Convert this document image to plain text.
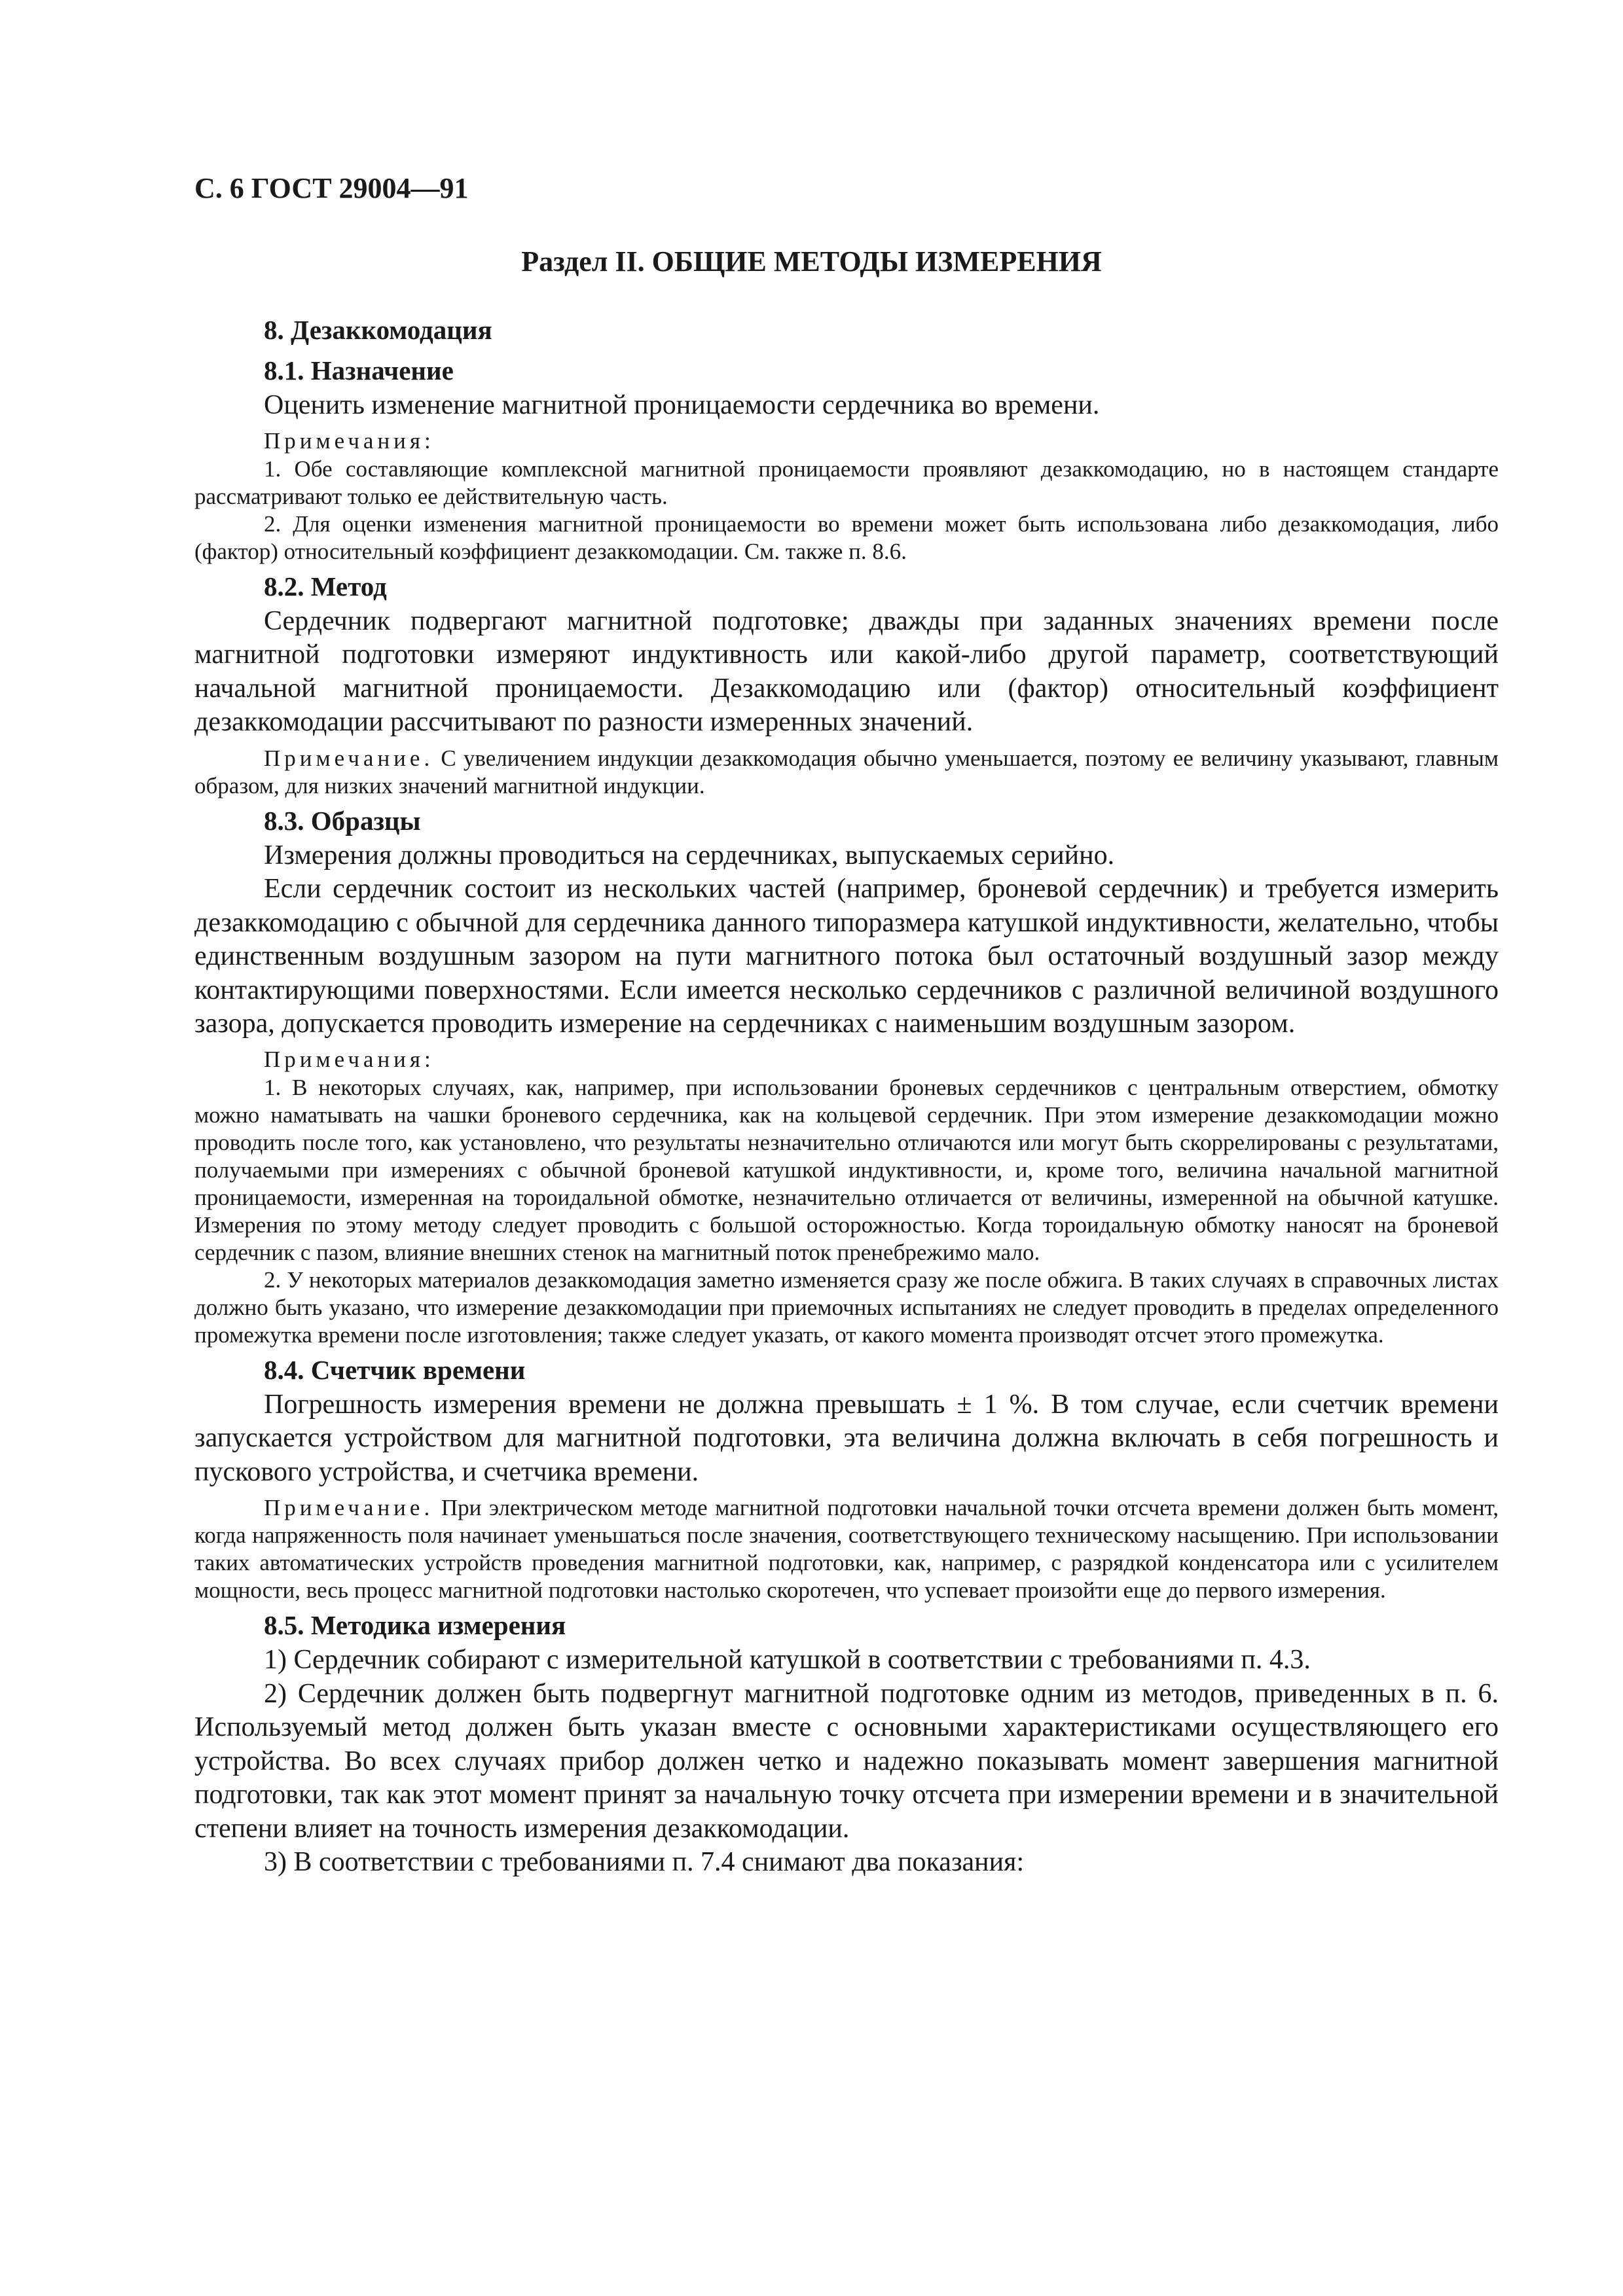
С. 6 ГОСТ 29004—91
Раздел II. ОБЩИЕ МЕТОДЫ ИЗМЕРЕНИЯ
8. Дезаккомодация
8.1. Назначение

Оценить изменение магнитной проницаемости сердечника во времени.

Примечания:

1. Обе составляющие комплексной магнитной проницаемости проявляют дезаккомодацию, но в настоящем стандарте рассматривают только ее действительную часть.

2. Для оценки изменения магнитной проницаемости во времени может быть использована либо дезаккомодация, либо (фактор) относительный коэффициент дезаккомодации. См. также п. 8.6.

8.2. Метод

Сердечник подвергают магнитной подготовке; дважды при заданных значениях времени после магнитной подготовки измеряют индуктивность или какой-либо другой параметр, соответствующий начальной магнитной проницаемости. Дезаккомодацию или (фактор) относительный коэффициент дезаккомодации рассчитывают по разности измеренных значений.

Примечание. С увеличением индукции дезаккомодация обычно уменьшается, поэтому ее величину указывают, главным образом, для низких значений магнитной индукции.

8.3. Образцы

Измерения должны проводиться на сердечниках, выпускаемых серийно.

Если сердечник состоит из нескольких частей (например, броневой сердечник) и требуется измерить дезаккомодацию с обычной для сердечника данного типоразмера катушкой индуктивности, желательно, чтобы единственным воздушным зазором на пути магнитного потока был остаточный воздушный зазор между контактирующими поверхностями. Если имеется несколько сердечников с различной величиной воздушного зазора, допускается проводить измерение на сердечниках с наименьшим воздушным зазором.

Примечания:

1. В некоторых случаях, как, например, при использовании броневых сердечников с центральным отверстием, обмотку можно наматывать на чашки броневого сердечника, как на кольцевой сердечник. При этом измерение дезаккомодации можно проводить после того, как установлено, что результаты незначительно отличаются или могут быть скоррелированы с результатами, получаемыми при измерениях с обычной броневой катушкой индуктивности, и, кроме того, величина начальной магнитной проницаемости, измеренная на тороидальной обмотке, незначительно отличается от величины, измеренной на обычной катушке. Измерения по этому методу следует проводить с большой осторожностью. Когда тороидальную обмотку наносят на броневой сердечник с пазом, влияние внешних стенок на магнитный поток пренебрежимо мало.

2. У некоторых материалов дезаккомодация заметно изменяется сразу же после обжига. В таких случаях в справочных листах должно быть указано, что измерение дезаккомодации при приемочных испытаниях не следует проводить в пределах определенного промежутка времени после изготовления; также следует указать, от какого момента производят отсчет этого промежутка.

8.4. Счетчик времени

Погрешность измерения времени не должна превышать ± 1 %. В том случае, если счетчик времени запускается устройством для магнитной подготовки, эта величина должна включать в себя погрешность и пускового устройства, и счетчика времени.

Примечание. При электрическом методе магнитной подготовки начальной точки отсчета времени должен быть момент, когда напряженность поля начинает уменьшаться после значения, соответствующего техническому насыщению. При использовании таких автоматических устройств проведения магнитной подготовки, как, например, с разрядкой конденсатора или с усилителем мощности, весь процесс магнитной подготовки настолько скоротечен, что успевает произойти еще до первого измерения.

8.5. Методика измерения

1) Сердечник собирают с измерительной катушкой в соответствии с требованиями п. 4.3.

2) Сердечник должен быть подвергнут магнитной подготовке одним из методов, приведенных в п. 6. Используемый метод должен быть указан вместе с основными характеристиками осуществляющего его устройства. Во всех случаях прибор должен четко и надежно показывать момент завершения магнитной подготовки, так как этот момент принят за начальную точку отсчета при измерении времени и в значительной степени влияет на точность измерения дезаккомодации.

3) В соответствии с требованиями п. 7.4 снимают два показания:
